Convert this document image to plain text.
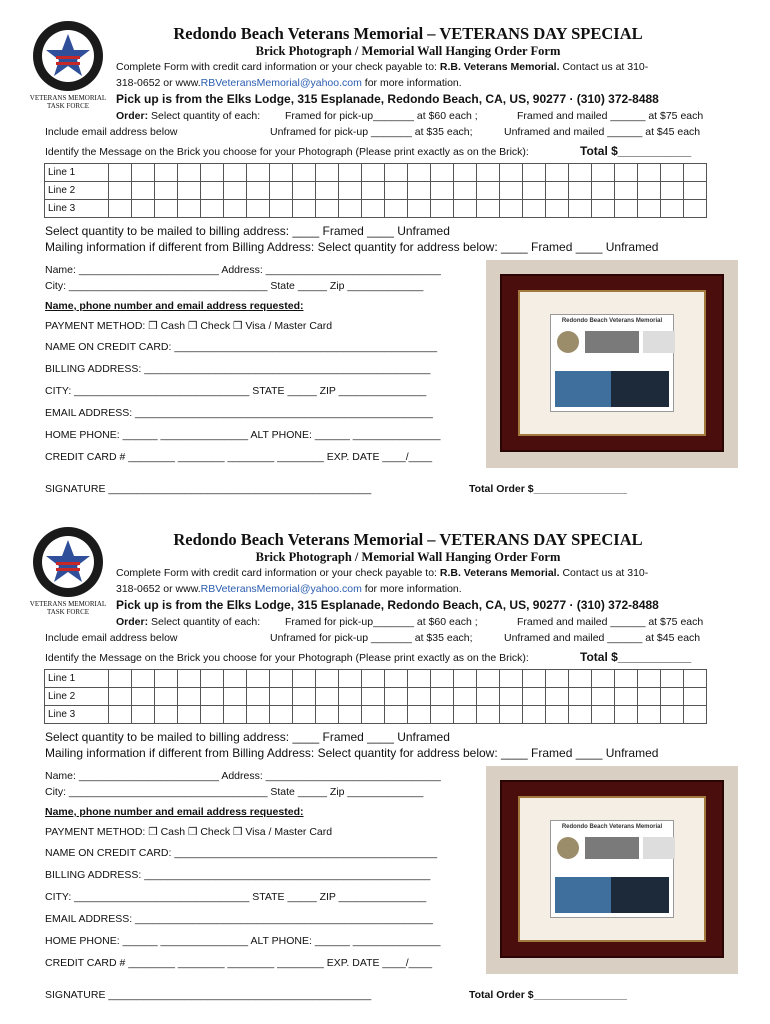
VETERANS MEMORIAL TASK FORCE
Redondo Beach Veterans Memorial – VETERANS DAY SPECIAL
Brick Photograph / Memorial Wall Hanging Order Form
Complete Form with credit card information or your check payable to: R.B. Veterans Memorial. Contact us at 310-
318-0652 or www.RBVeteransMemorial@yahoo.com for more information.
Pick up is from the Elks Lodge, 315 Esplanade, Redondo Beach, CA, US, 90277 · (310) 372-8488
Order: Select quantity of each: Framed for pick-up_______ at $60 each ;	Framed and mailed ______ at $75 each
Include email address below	Unframed for pick-up _______ at $35 each;	Unframed and mailed ______ at $45 each
Identify the Message on the Brick you choose for your Photograph (Please print exactly as on the Brick):	Total $___________
Line 1																										
Line 2																										
Line 3																										
Select quantity to be mailed to billing address: ____ Framed ____ Unframed
Mailing information if different from Billing Address: Select quantity for address below: ____ Framed ____ Unframed
Name: ________________________ Address: ______________________________
City: __________________________________ State _____ Zip _____________
Name, phone number and email address requested:
PAYMENT METHOD: ❒ Cash ❒ Check ❒ Visa / Master Card
NAME ON CREDIT CARD: _____________________________________________
BILLING ADDRESS: _________________________________________________
CITY: ______________________________ STATE _____ ZIP _______________
EMAIL ADDRESS: ___________________________________________________
HOME PHONE: ______ _______________ ALT PHONE: ______ _______________
CREDIT CARD # ________ ________ ________ ________ EXP. DATE ____/____
SIGNATURE _____________________________________________	Total Order $________________
Redondo Beach Veterans Memorial
VETERANS MEMORIAL TASK FORCE
Redondo Beach Veterans Memorial – VETERANS DAY SPECIAL
Brick Photograph / Memorial Wall Hanging Order Form
Complete Form with credit card information or your check payable to: R.B. Veterans Memorial. Contact us at 310-
318-0652 or www.RBVeteransMemorial@yahoo.com for more information.
Pick up is from the Elks Lodge, 315 Esplanade, Redondo Beach, CA, US, 90277 · (310) 372-8488
Order: Select quantity of each: Framed for pick-up_______ at $60 each ;	Framed and mailed ______ at $75 each
Include email address below	Unframed for pick-up _______ at $35 each;	Unframed and mailed ______ at $45 each
Identify the Message on the Brick you choose for your Photograph (Please print exactly as on the Brick):	Total $___________
Line 1																										
Line 2																										
Line 3																										
Select quantity to be mailed to billing address: ____ Framed ____ Unframed
Mailing information if different from Billing Address: Select quantity for address below: ____ Framed ____ Unframed
Name: ________________________ Address: ______________________________
City: __________________________________ State _____ Zip _____________
Name, phone number and email address requested:
PAYMENT METHOD: ❒ Cash ❒ Check ❒ Visa / Master Card
NAME ON CREDIT CARD: _____________________________________________
BILLING ADDRESS: _________________________________________________
CITY: ______________________________ STATE _____ ZIP _______________
EMAIL ADDRESS: ___________________________________________________
HOME PHONE: ______ _______________ ALT PHONE: ______ _______________
CREDIT CARD # ________ ________ ________ ________ EXP. DATE ____/____
SIGNATURE _____________________________________________	Total Order $________________
Redondo Beach Veterans Memorial
